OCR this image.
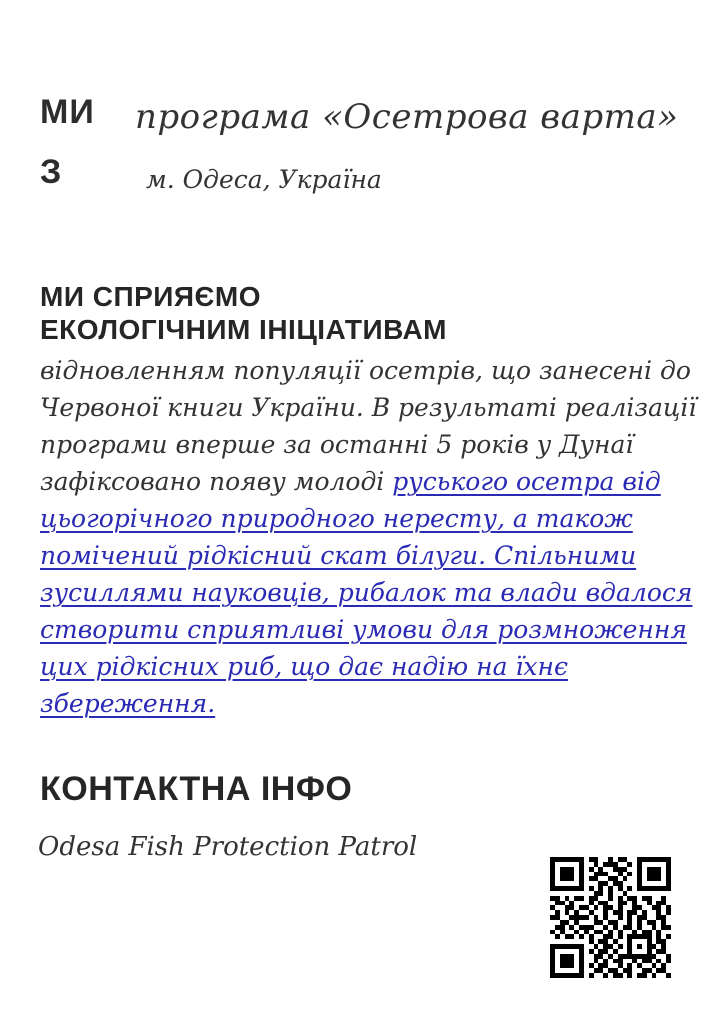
МИ
З
програма «Осетрова варта»
м. Одеса, Україна
МИ СПРИЯЄМО
ЕКОЛОГІЧНИМ ІНІЦІАТИВАМ
відновленням популяції осетрів, що занесені до
Червоної книги України. В результаті реалізації
програми вперше за останні 5 років у Дунаї
зафіксовано появу молоді руського осетра від
цьогорічного природного нересту, а також
помічений рідкісний скат білуги. Спільними
зусиллями науковців, рибалок та влади вдалося
створити сприятливі умови для розмноження
цих рідкісних риб, що дає надію на їхнє
збереження.
КОНТАКТНА ІНФО
Odesa Fish Protection Patrol
